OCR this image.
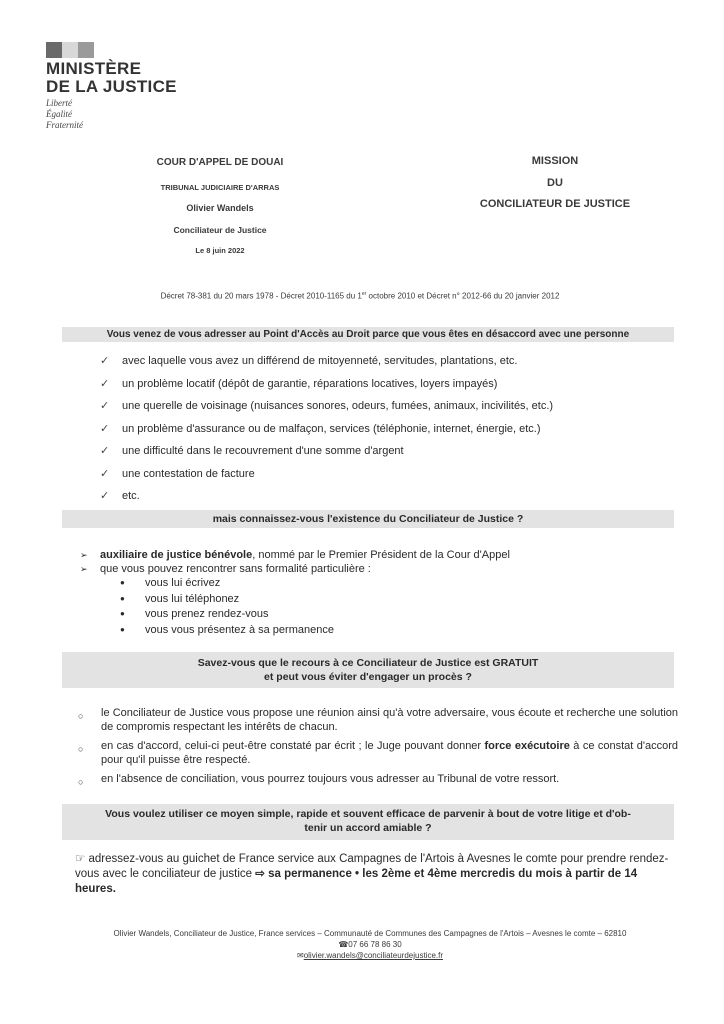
MINISTÈRE
DE LA JUSTICE
Liberté
Égalité
Fraternité
COUR D'APPEL DE DOUAI
TRIBUNAL JUDICIAIRE D'ARRAS
Olivier Wandels
Conciliateur de Justice
Le 8 juin 2022
MISSION
DU
CONCILIATEUR DE JUSTICE
Décret 78-381 du 20 mars 1978 - Décret 2010-1165 du 1er octobre 2010 et Décret n° 2012-66 du 20 janvier 2012
Vous venez de vous adresser au Point d'Accès au Droit parce que vous êtes en désaccord avec une personne
✓ avec laquelle vous avez un différend de mitoyenneté, servitudes, plantations, etc.
✓ un problème locatif (dépôt de garantie, réparations locatives, loyers impayés)
✓ une querelle de voisinage (nuisances sonores, odeurs, fumées, animaux, incivilités, etc.)
✓ un problème d'assurance ou de malfaçon, services (téléphonie, internet, énergie, etc.)
✓ une difficulté dans le recouvrement d'une somme d'argent
✓ une contestation de facture
✓ etc.
mais connaissez-vous l'existence du Conciliateur de Justice ?
➢ auxiliaire de justice bénévole, nommé par le Premier Président de la Cour d'Appel
➢ que vous pouvez rencontrer sans formalité particulière :
● vous lui écrivez
● vous lui téléphonez
● vous prenez rendez-vous
● vous vous présentez à sa permanence
Savez-vous que le recours à ce Conciliateur de Justice est GRATUIT
et peut vous éviter d'engager un procès ?
○	le Conciliateur de Justice vous propose une réunion ainsi qu'à votre adversaire, vous écoute et recherche une solution de compromis respectant les intérêts de chacun.
○	en cas d'accord, celui-ci peut-être constaté par écrit ; le Juge pouvant donner force exécutoire à ce constat d'accord pour qu'il puisse être respecté.
○	en l'absence de conciliation, vous pourrez toujours vous adresser au Tribunal de votre ressort.
Vous voulez utiliser ce moyen simple, rapide et souvent efficace de parvenir à bout de votre litige et d'ob-
tenir un accord amiable ?
☞ adressez-vous au guichet de France service aux Campagnes de l'Artois à Avesnes le comte pour prendre rendez-vous avec le conciliateur de justice ⇨ sa permanence • les 2ème et 4ème mercredis du mois à partir de 14 heures.
Olivier Wandels, Conciliateur de Justice, France services – Communauté de Communes des Campagnes de l'Artois – Avesnes le comte – 62810
☎07 66 78 86 30
✉olivier.wandels@conciliateurdejustice.fr
